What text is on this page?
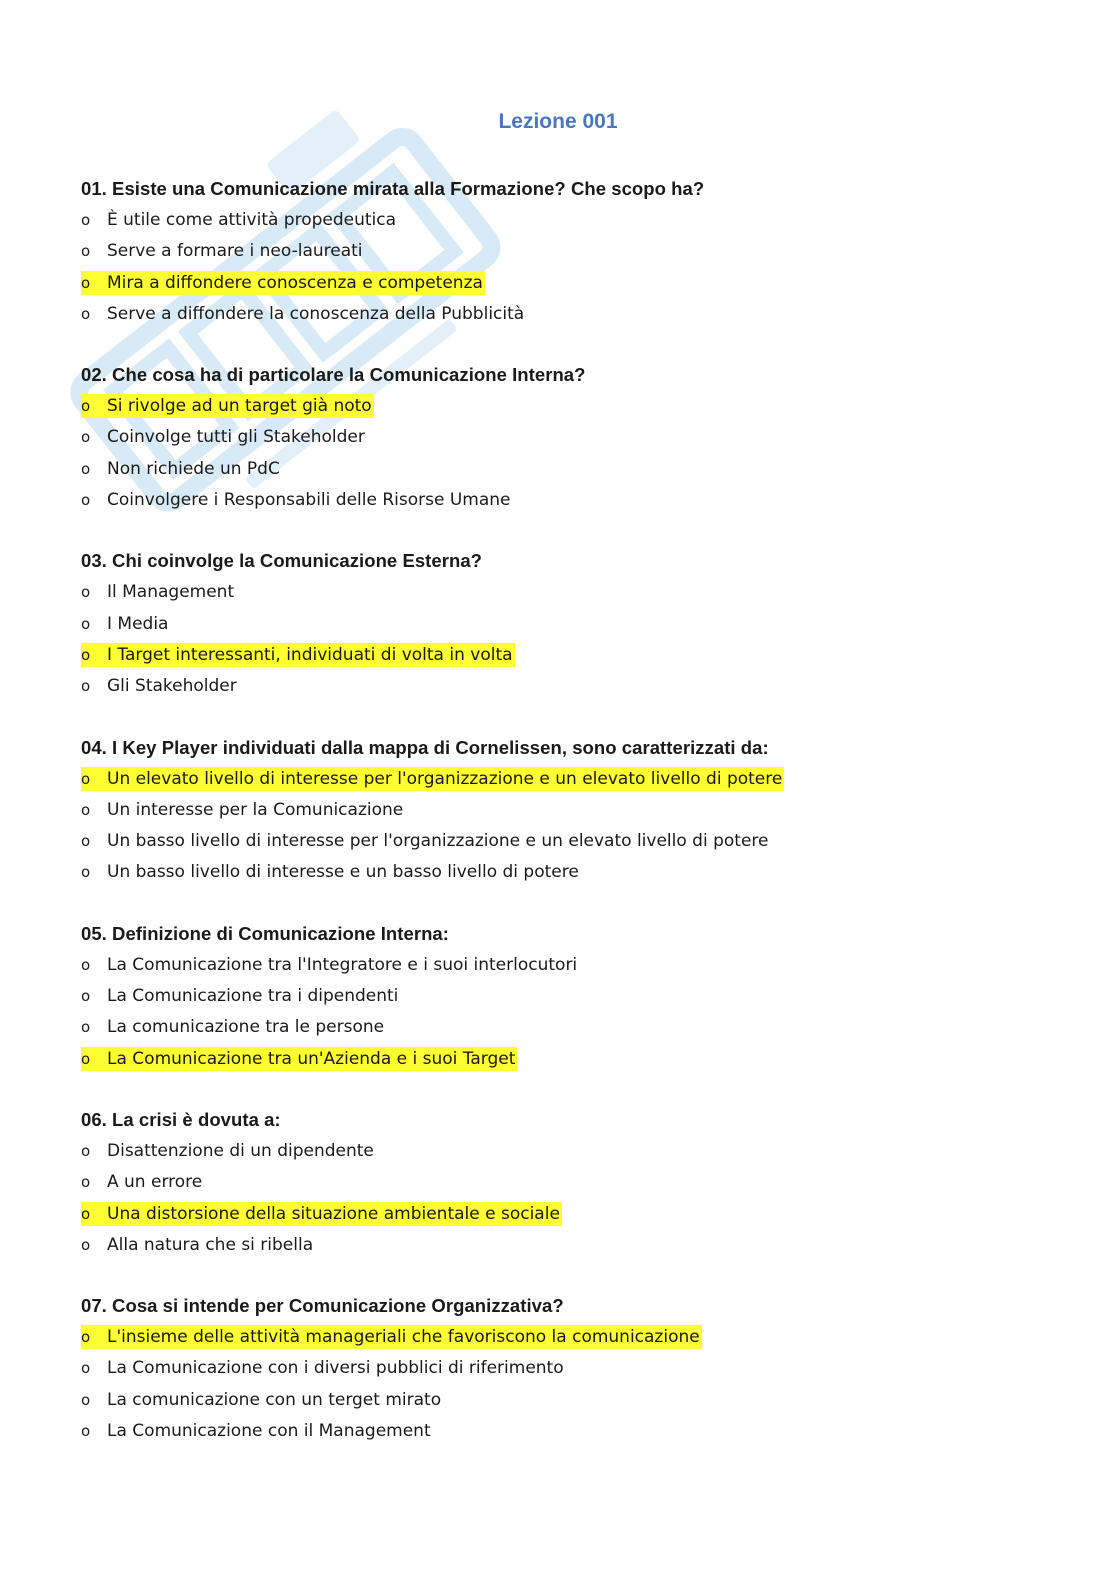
Lezione 001
01. Esiste una Comunicazione mirata alla Formazione? Che scopo ha?
o È utile come attività propedeutica
o Serve a formare i neo-laureati
o Mira a diffondere conoscenza e competenza
o Serve a diffondere la conoscenza della Pubblicità
02. Che cosa ha di particolare la Comunicazione Interna?
o Si rivolge ad un target già noto
o Coinvolge tutti gli Stakeholder
o Non richiede un PdC
o Coinvolgere i Responsabili delle Risorse Umane
03. Chi coinvolge la Comunicazione Esterna?
o Il Management
o I Media
o I Target interessanti, individuati di volta in volta
o Gli Stakeholder
04. I Key Player individuati dalla mappa di Cornelissen, sono caratterizzati da:
o Un elevato livello di interesse per l'organizzazione e un elevato livello di potere
o Un interesse per la Comunicazione
o Un basso livello di interesse per l'organizzazione e un elevato livello di potere
o Un basso livello di interesse e un basso livello di potere
05. Definizione di Comunicazione Interna:
o La Comunicazione tra l'Integratore e i suoi interlocutori
o La Comunicazione tra i dipendenti
o La comunicazione tra le persone
o La Comunicazione tra un'Azienda e i suoi Target
06. La crisi è dovuta a:
o Disattenzione di un dipendente
o A un errore
o Una distorsione della situazione ambientale e sociale
o Alla natura che si ribella
07. Cosa si intende per Comunicazione Organizzativa?
o L'insieme delle attività manageriali che favoriscono la comunicazione
o La Comunicazione con i diversi pubblici di riferimento
o La comunicazione con un terget mirato
o La Comunicazione con il Management
